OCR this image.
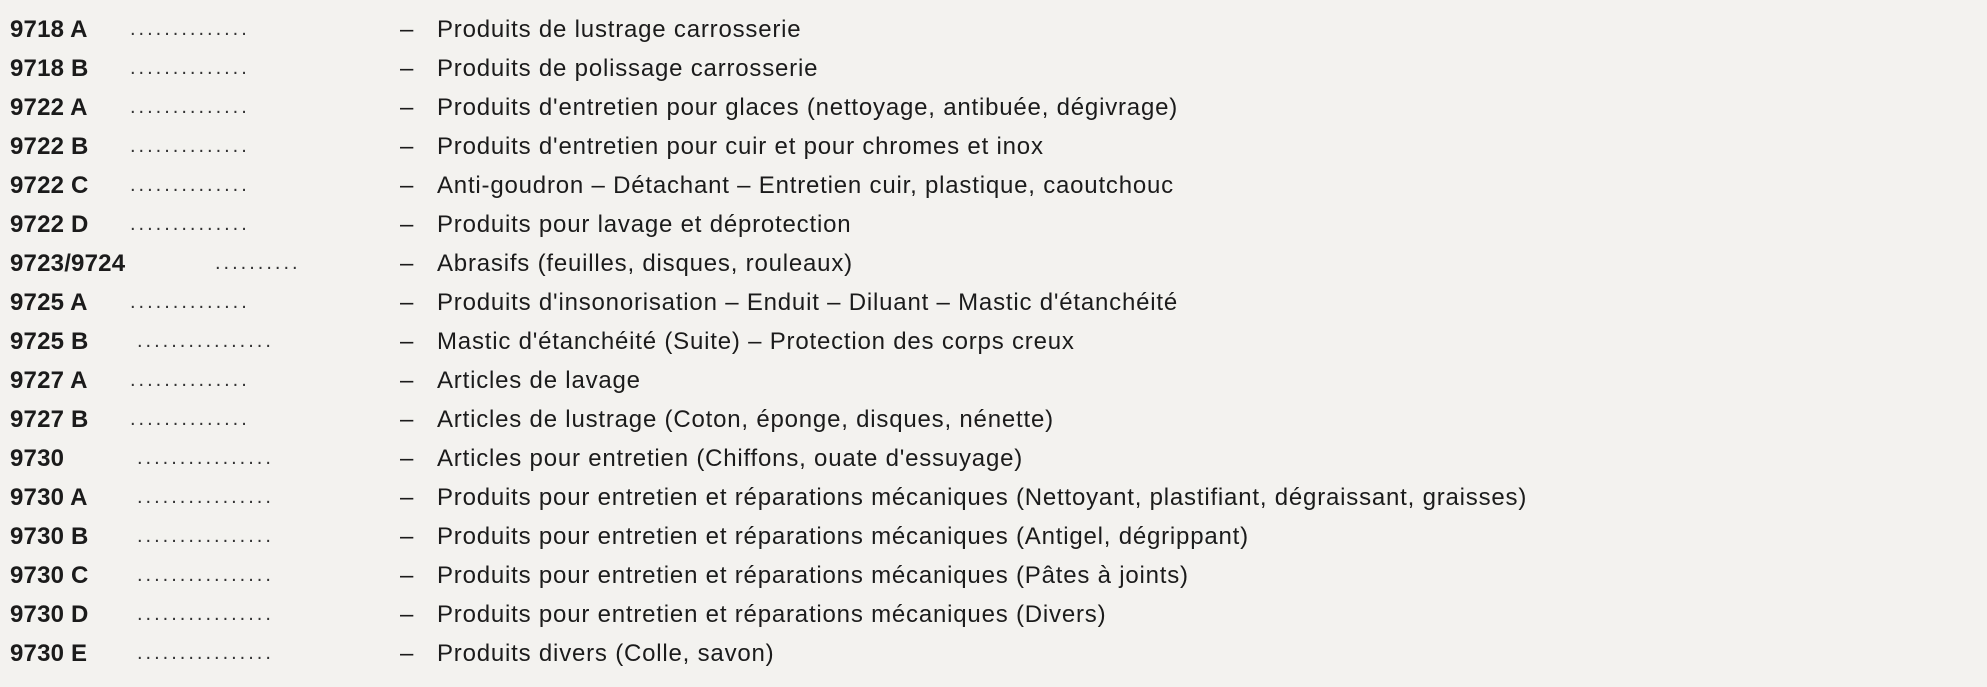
9718 A ..............	– Produits de lustrage carrosserie
9718 B ..............	– Produits de polissage carrosserie
9722 A ..............	– Produits d'entretien pour glaces (nettoyage, antibuée, dégivrage)
9722 B ..............	– Produits d'entretien pour cuir et pour chromes et inox
9722 C ..............	– Anti-goudron – Détachant – Entretien cuir, plastique, caoutchouc
9722 D ..............	– Produits pour lavage et déprotection
9723/9724	..........	– Abrasifs (feuilles, disques, rouleaux)
9725 A ..............	– Produits d'insonorisation – Enduit – Diluant – Mastic d'étanchéité
9725 B ................	– Mastic d'étanchéité (Suite) – Protection des corps creux
9727 A ..............	– Articles de lavage
9727 B ..............	– Articles de lustrage (Coton, éponge, disques, nénette)
9730	................	– Articles pour entretien (Chiffons, ouate d'essuyage)
9730 A ................	– Produits pour entretien et réparations mécaniques (Nettoyant, plastifiant, dégraissant, graisses)
9730 B ................	– Produits pour entretien et réparations mécaniques (Antigel, dégrippant)
9730 C ................	– Produits pour entretien et réparations mécaniques (Pâtes à joints)
9730 D ................	– Produits pour entretien et réparations mécaniques (Divers)
9730 E ................	– Produits divers (Colle, savon)
